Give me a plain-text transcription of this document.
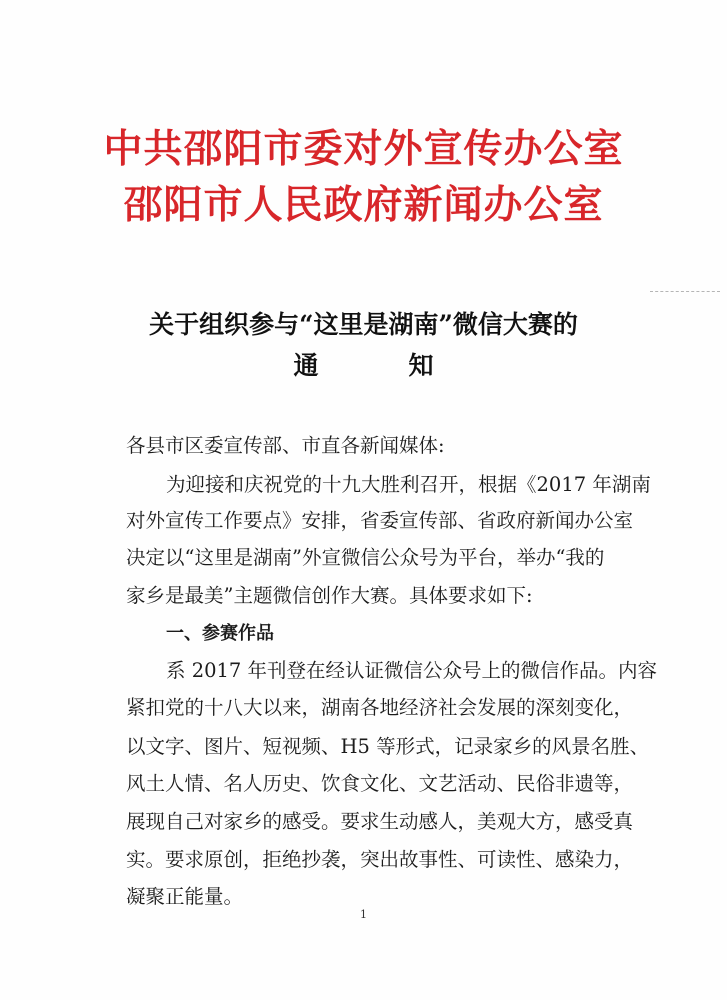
中共邵阳市委对外宣传办公室
邵阳市人民政府新闻办公室
关于组织参与“这里是湖南”微信大赛的
通	知
各县市区委宣传部、市直各新闻媒体:
为迎接和庆祝党的十九大胜利召开，根据《2017 年湖南
对外宣传工作要点》安排，省委宣传部、省政府新闻办公室
决定以“这里是湖南”外宣微信公众号为平台，举办“我的
家乡是最美”主题微信创作大赛。具体要求如下:
一、参赛作品
系 2017 年刊登在经认证微信公众号上的微信作品。内容
紧扣党的十八大以来，湖南各地经济社会发展的深刻变化，
以文字、图片、短视频、H5 等形式，记录家乡的风景名胜、
风土人情、名人历史、饮食文化、文艺活动、民俗非遗等，
展现自己对家乡的感受。要求生动感人，美观大方，感受真
实。要求原创，拒绝抄袭，突出故事性、可读性、感染力，
凝聚正能量。
1
